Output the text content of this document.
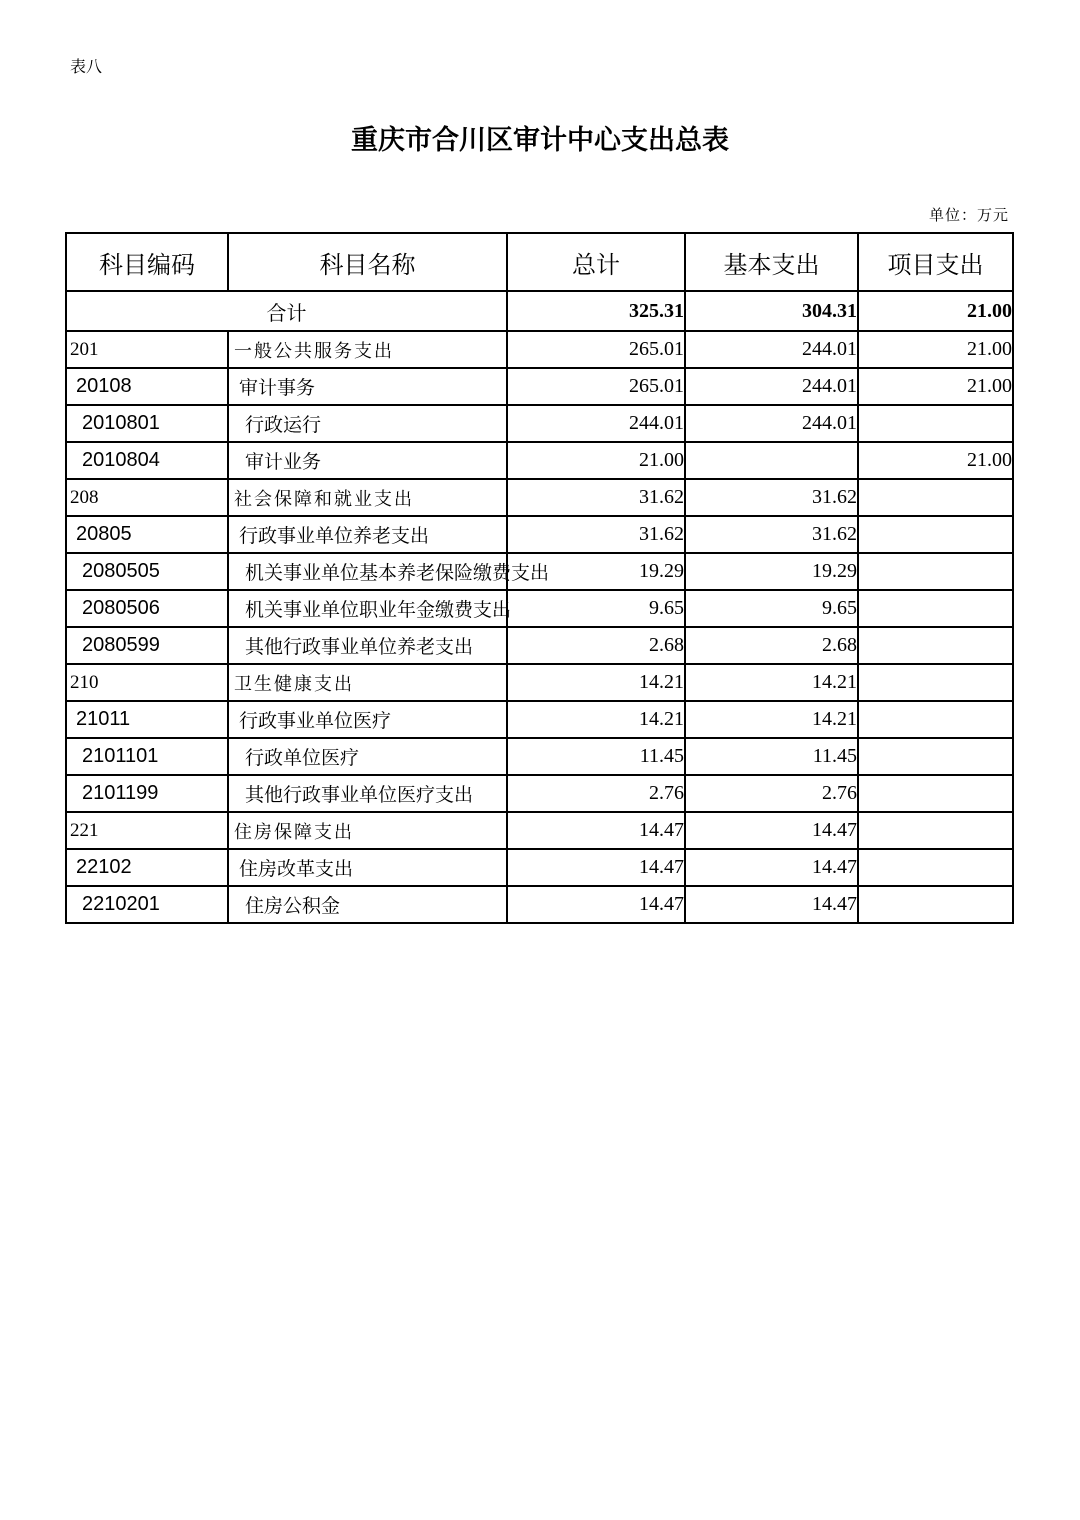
表八
重庆市合川区审计中心支出总表
单位：万元
科目编码	科目名称	总计	基本支出	项目支出
合计		325.31	304.31	21.00
201	一般公共服务支出	265.01	244.01	21.00
20108	审计事务	265.01	244.01	21.00
2010801	行政运行	244.01	244.01	
2010804	审计业务	21.00		21.00
208	社会保障和就业支出	31.62	31.62	
20805	行政事业单位养老支出	31.62	31.62	
2080505	机关事业单位基本养老保险缴费支出	19.29	19.29	
2080506	机关事业单位职业年金缴费支出	9.65	9.65	
2080599	其他行政事业单位养老支出	2.68	2.68	
210	卫生健康支出	14.21	14.21	
21011	行政事业单位医疗	14.21	14.21	
2101101	行政单位医疗	11.45	11.45	
2101199	其他行政事业单位医疗支出	2.76	2.76	
221	住房保障支出	14.47	14.47	
22102	住房改革支出	14.47	14.47	
2210201	住房公积金	14.47	14.47	
